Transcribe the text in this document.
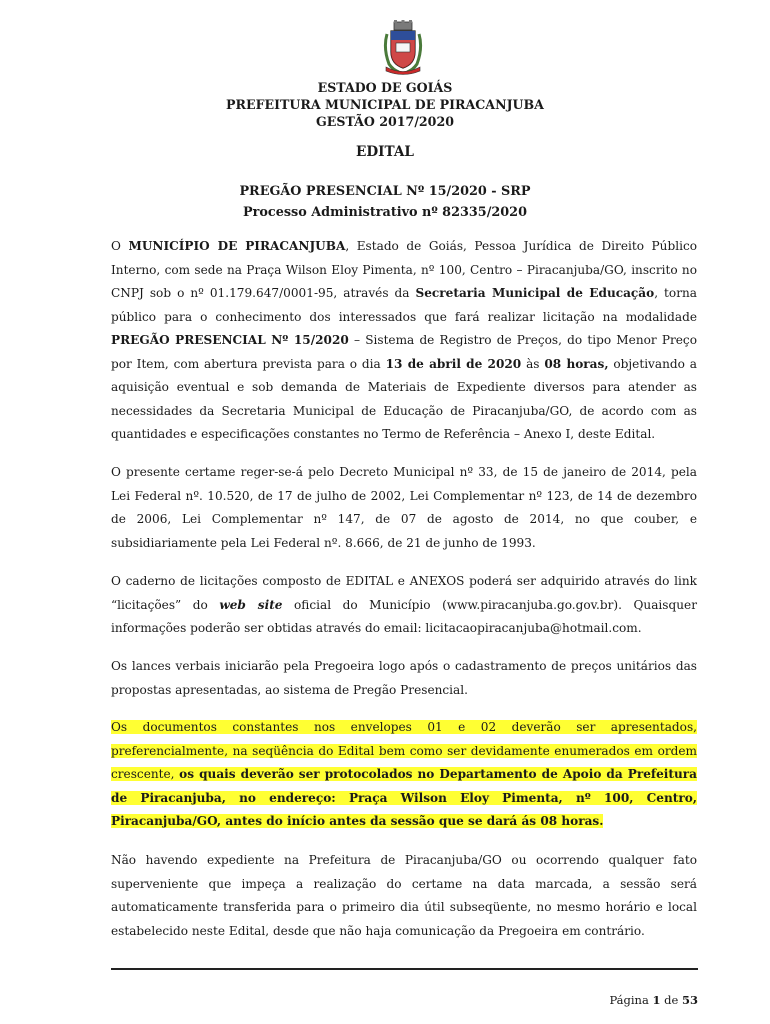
ESTADO DE GOIÁS
PREFEITURA MUNICIPAL DE PIRACANJUBA
GESTÃO 2017/2020
EDITAL
PREGÃO PRESENCIAL Nº 15/2020 - SRP
Processo Administrativo nº 82335/2020

O MUNICÍPIO DE PIRACANJUBA, Estado de Goiás, Pessoa Jurídica de Direito Público Interno, com sede na Praça Wilson Eloy Pimenta, nº 100, Centro – Piracanjuba/GO, inscrito no CNPJ sob o nº 01.179.647/0001-95, através da Secretaria Municipal de Educação, torna público para o conhecimento dos interessados que fará realizar licitação na modalidade PREGÃO PRESENCIAL Nº 15/2020 – Sistema de Registro de Preços, do tipo Menor Preço por Item, com abertura prevista para o dia 13 de abril de 2020 às 08 horas, objetivando a aquisição eventual e sob demanda de Materiais de Expediente diversos para atender as necessidades da Secretaria Municipal de Educação de Piracanjuba/GO, de acordo com as quantidades e especificações constantes no Termo de Referência – Anexo I, deste Edital.

O presente certame reger-se-á pelo Decreto Municipal nº 33, de 15 de janeiro de 2014, pela Lei Federal nº. 10.520, de 17 de julho de 2002, Lei Complementar nº 123, de 14 de dezembro de 2006, Lei Complementar nº 147, de 07 de agosto de 2014, no que couber, e subsidiariamente pela Lei Federal nº. 8.666, de 21 de junho de 1993.

O caderno de licitações composto de EDITAL e ANEXOS poderá ser adquirido através do link “licitações” do web site oficial do Município (www.piracanjuba.go.gov.br). Quaisquer informações poderão ser obtidas através do email: licitacaopiracanjuba@hotmail.com.

Os lances verbais iniciarão pela Pregoeira logo após o cadastramento de preços unitários das propostas apresentadas, ao sistema de Pregão Presencial.

Os documentos constantes nos envelopes 01 e 02 deverão ser apresentados, preferencialmente, na seqüência do Edital bem como ser devidamente enumerados em ordem crescente, os quais deverão ser protocolados no Departamento de Apoio da Prefeitura de Piracanjuba, no endereço: Praça Wilson Eloy Pimenta, nº 100, Centro, Piracanjuba/GO, antes do início antes da sessão que se dará ás 08 horas.

Não havendo expediente na Prefeitura de Piracanjuba/GO ou ocorrendo qualquer fato superveniente que impeça a realização do certame na data marcada, a sessão será automaticamente transferida para o primeiro dia útil subseqüente, no mesmo horário e local estabelecido neste Edital, desde que não haja comunicação da Pregoeira em contrário.

Página 1 de 53
